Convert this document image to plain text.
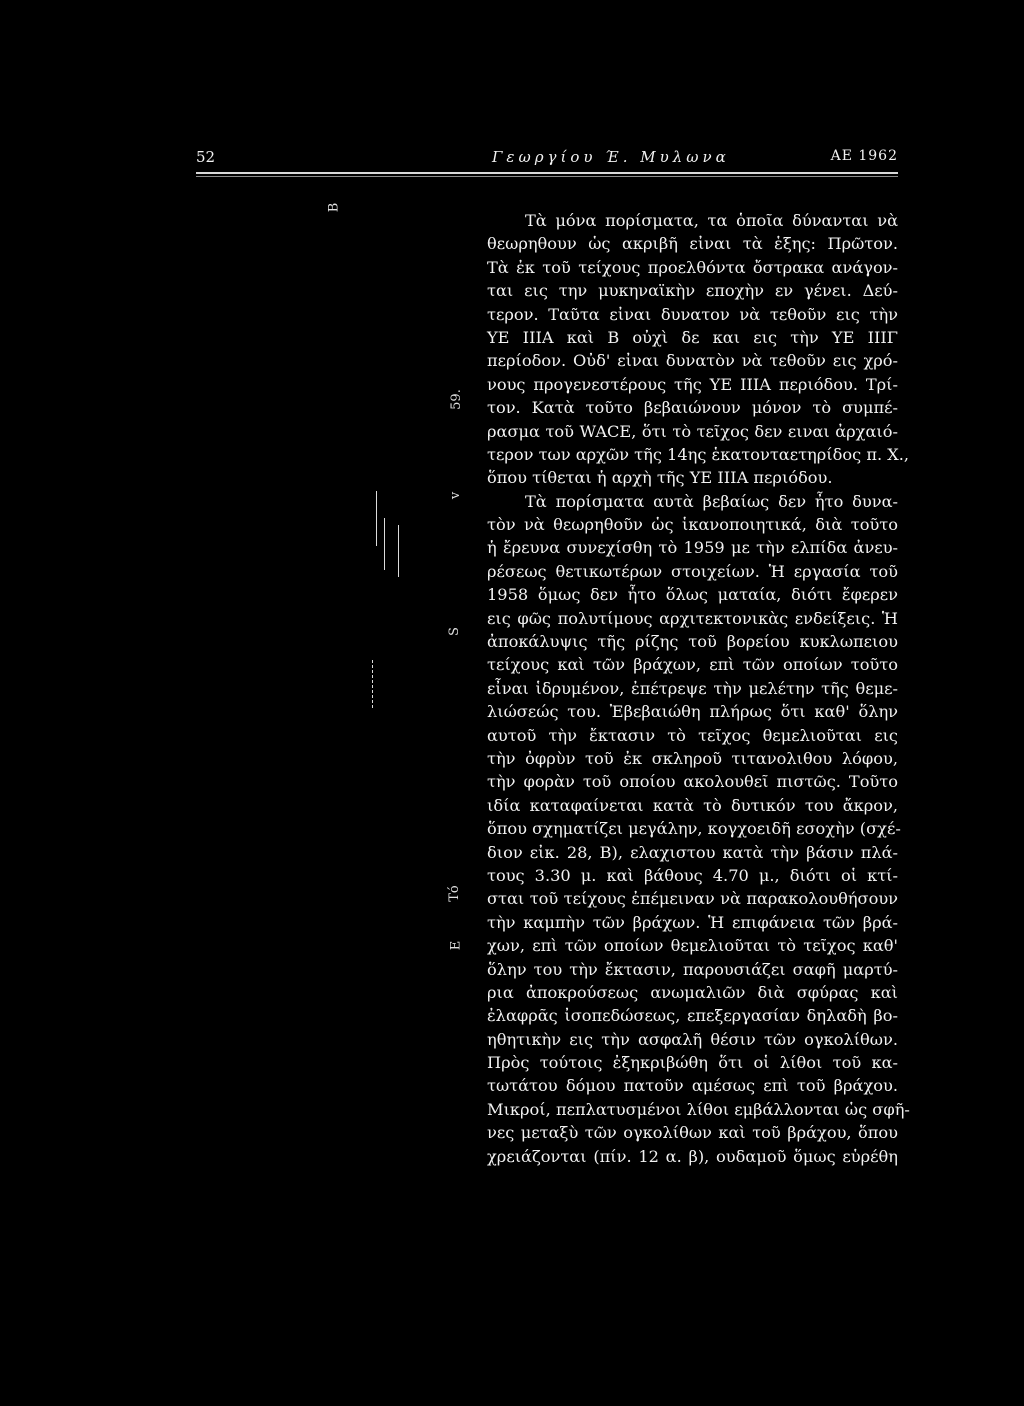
52	Γεωργίου Έ. Μυλωνα	ΑΕ 1962
B
59.
v
S
Τό
E
Τὰ μόνα πορίσματα, τα ὁποῖα δύνανται νὰ
θεωρηθουν ὡς ακριβῆ εἰναι τὰ ἑξης: Πρῶτον.
Τὰ ἐκ τοῦ τείχους προελθόντα ὄστρακα ανάγον-
ται εις την μυκηναϊκὴν εποχὴν εν γένει. Δεύ-
τερον. Ταῦτα εἰναι δυνατον νὰ τεθοῦν εις τὴν
ΥΕ ΙΙΙΑ καὶ Β οὐχὶ δε και εις τὴν ΥΕ ΙΙΙΓ
περίοδον. Οὐδ' εἰναι δυνατὸν νὰ τεθοῦν εις χρό-
νους προγενεστέρους τῆς ΥΕ ΙΙΙΑ περιόδου. Τρί-
τον. Κατὰ τοῦτο βεβαιώνουν μόνον τὸ συμπέ-
ρασμα τοῦ WACE, ὅτι τὸ τεῖχος δεν ειναι ἀρχαιό-
τερον των αρχῶν τῆς 14ης ἑκατονταετηρίδος π. Χ.,
ὅπου τίθεται ἡ αρχὴ τῆς ΥΕ ΙΙΙΑ περιόδου.
Τὰ πορίσματα αυτὰ βεβαίως δεν ἦτο δυνα-
τὸν νὰ θεωρηθοῦν ὡς ἱκανοποιητικά, διὰ τοῦτο
ἡ ἔρευνα συνεχίσθη τὸ 1959 με τὴν ελπίδα ἀνευ-
ρέσεως θετικωτέρων στοιχείων. Ἡ εργασία τοῦ
1958 ὅμως δεν ἦτο ὅλως ματαία, διότι ἔφερεν
εις φῶς πολυτίμους αρχιτεκτονικὰς ενδείξεις. Ἡ
ἀποκάλυψις τῆς ρίζης τοῦ βορείου κυκλωπειου
τείχους καὶ τῶν βράχων, επὶ τῶν οποίων τοῦτο
εἶναι ἱδρυμένον, ἐπέτρεψε τὴν μελέτην τῆς θεμε-
λιώσεώς του. Ἐβεβαιώθη πλήρως ὅτι καθ' ὅλην
αυτοῦ τὴν ἔκτασιν τὸ τεῖχος θεμελιοῦται εις
τὴν ὀφρὺν τοῦ ἐκ σκληροῦ τιτανολιθου λόφου,
τὴν φορὰν τοῦ οποίου ακολουθεῖ πιστῶς. Τοῦτο
ιδία καταφαίνεται κατὰ τὸ δυτικόν του ἄκρον,
ὅπου σχηματίζει μεγάλην, κογχοειδῆ εσοχὴν (σχέ-
διον εἰκ. 28, Β), ελαχιστου κατὰ τὴν βάσιν πλά-
τους 3.30 μ. καὶ βάθους 4.70 μ., διότι οἱ κτί-
σται τοῦ τείχους ἐπέμειναν νὰ παρακολουθήσουν
τὴν καμπὴν τῶν βράχων. Ἡ επιφάνεια τῶν βρά-
χων, επὶ τῶν οποίων θεμελιοῦται τὸ τεῖχος καθ'
ὅλην του τὴν ἔκτασιν, παρουσιάζει σαφῆ μαρτύ-
ρια ἀποκρούσεως ανωμαλιῶν διὰ σφύρας καὶ
ἐλαφρᾶς ἰσοπεδώσεως, επεξεργασίαν δηλαδὴ βο-
ηθητικὴν εις τὴν ασφαλῆ θέσιν τῶν ογκολίθων.
Πρὸς τούτοις ἐξηκριβώθη ὅτι οἱ λίθοι τοῦ κα-
τωτάτου δόμου πατοῦν αμέσως επὶ τοῦ βράχου.
Μικροί, πεπλατυσμένοι λίθοι εμβάλλονται ὡς σφῆ-
νες μεταξὺ τῶν ογκολίθων καὶ τοῦ βράχου, ὅπου
χρειάζονται (πίν. 12 α. β), ουδαμοῦ ὅμως εὑρέθη
